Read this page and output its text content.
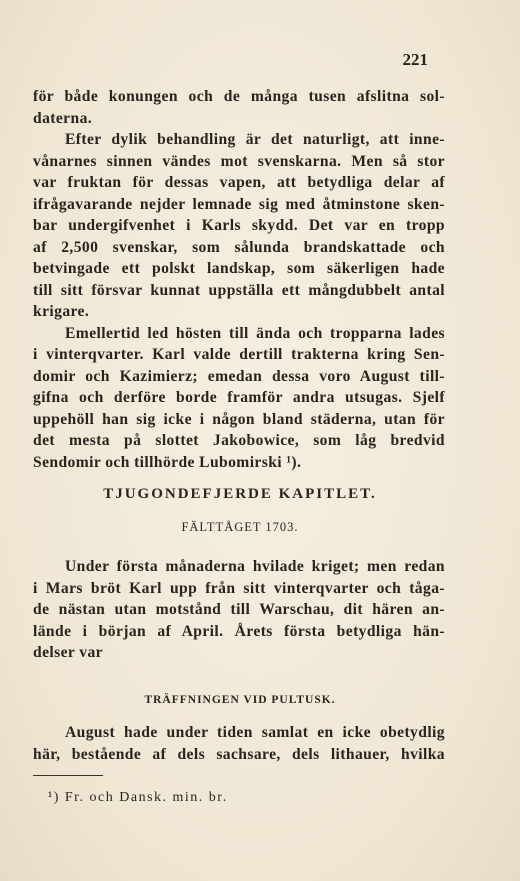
221
för både konungen och de många tusen afslitna sol-
daterna.
Efter dylik behandling är det naturligt, att inne-
vånarnes sinnen vändes mot svenskarna. Men så stor
var fruktan för dessas vapen, att betydliga delar af
ifrågavarande nejder lemnade sig med åtminstone sken-
bar undergifvenhet i Karls skydd. Det var en tropp
af 2,500 svenskar, som sålunda brandskattade och
betvingade ett polskt landskap, som säkerligen hade
till sitt försvar kunnat uppställa ett mångdubbelt antal
krigare.
Emellertid led hösten till ända och tropparna lades
i vinterqvarter. Karl valde dertill trakterna kring Sen-
domir och Kazimierz; emedan dessa voro August till-
gifna och derföre borde framför andra utsugas. Sjelf
uppehöll han sig icke i någon bland städerna, utan för
det mesta på slottet Jakobowice, som låg bredvid
Sendomir och tillhörde Lubomirski ¹).
TJUGONDEFJERDE KAPITLET.
FÄLTTÅGET 1703.
Under första månaderna hvilade kriget; men redan
i Mars bröt Karl upp från sitt vinterqvarter och tåga-
de nästan utan motstånd till Warschau, dit hären an-
lände i början af April. Årets första betydliga hän-
delser var
TRÄFFNINGEN VID PULTUSK.
August hade under tiden samlat en icke obetydlig
här, bestående af dels sachsare, dels lithauer, hvilka
¹) Fr. och Dansk. min. br.
